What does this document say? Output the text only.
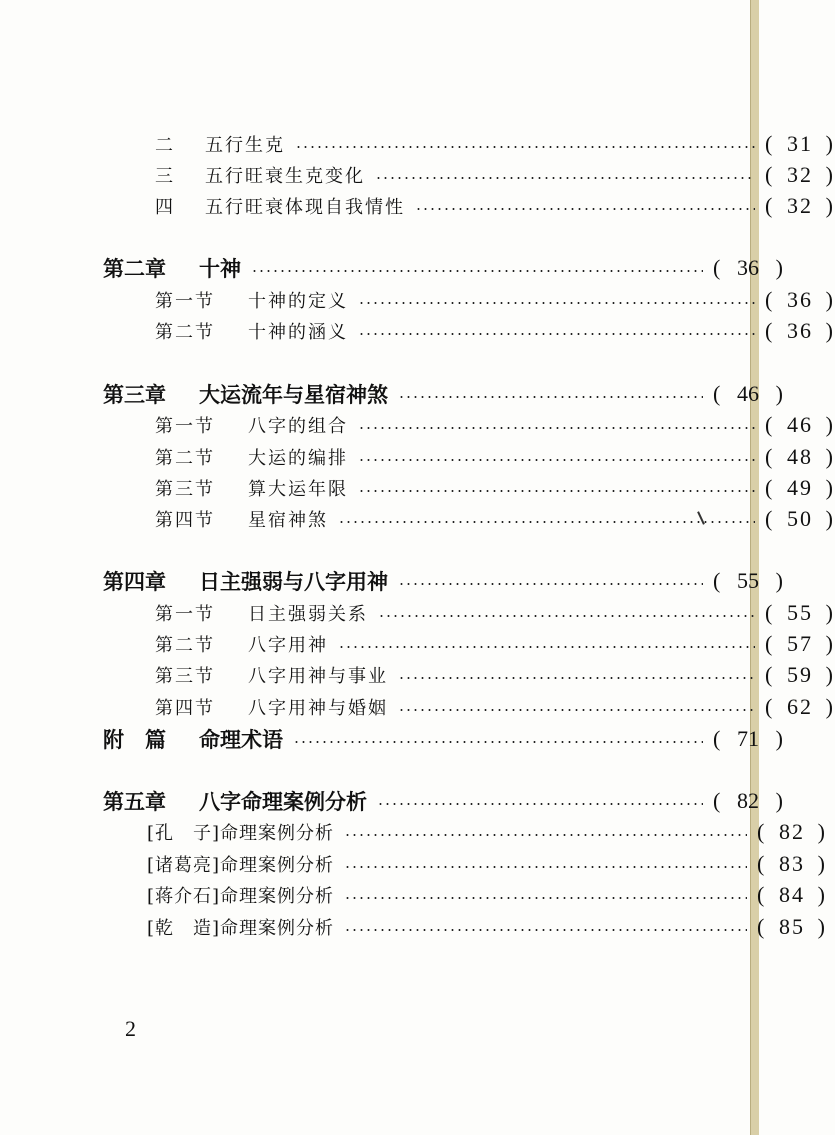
二 五行生克	( 31 )
三 五行旺衰生克变化	( 32 )
四 五行旺衰体现自我情性	( 32 )
第二章 十神	( 36 )
第一节 十神的定义	( 36 )
第二节 十神的涵义	( 36 )
第三章 大运流年与星宿神煞	( 46 )
第一节 八字的组合	( 46 )
第二节 大运的编排	( 48 )
第三节 算大运年限	( 49 )
第四节 星宿神煞	( 50 )
第四章 日主强弱与八字用神	( 55 )
第一节 日主强弱关系	( 55 )
第二节 八字用神	( 57 )
第三节 八字用神与事业	( 59 )
第四节 八字用神与婚姻	( 62 )
附　篇 命理术语	( 71 )
第五章 八字命理案例分析	( 82 )
[孔　子]命理案例分析	( 82 )
[诸葛亮]命理案例分析	( 83 )
[蒋介石]命理案例分析	( 84 )
[乾　造]命理案例分析	( 85 )
2
